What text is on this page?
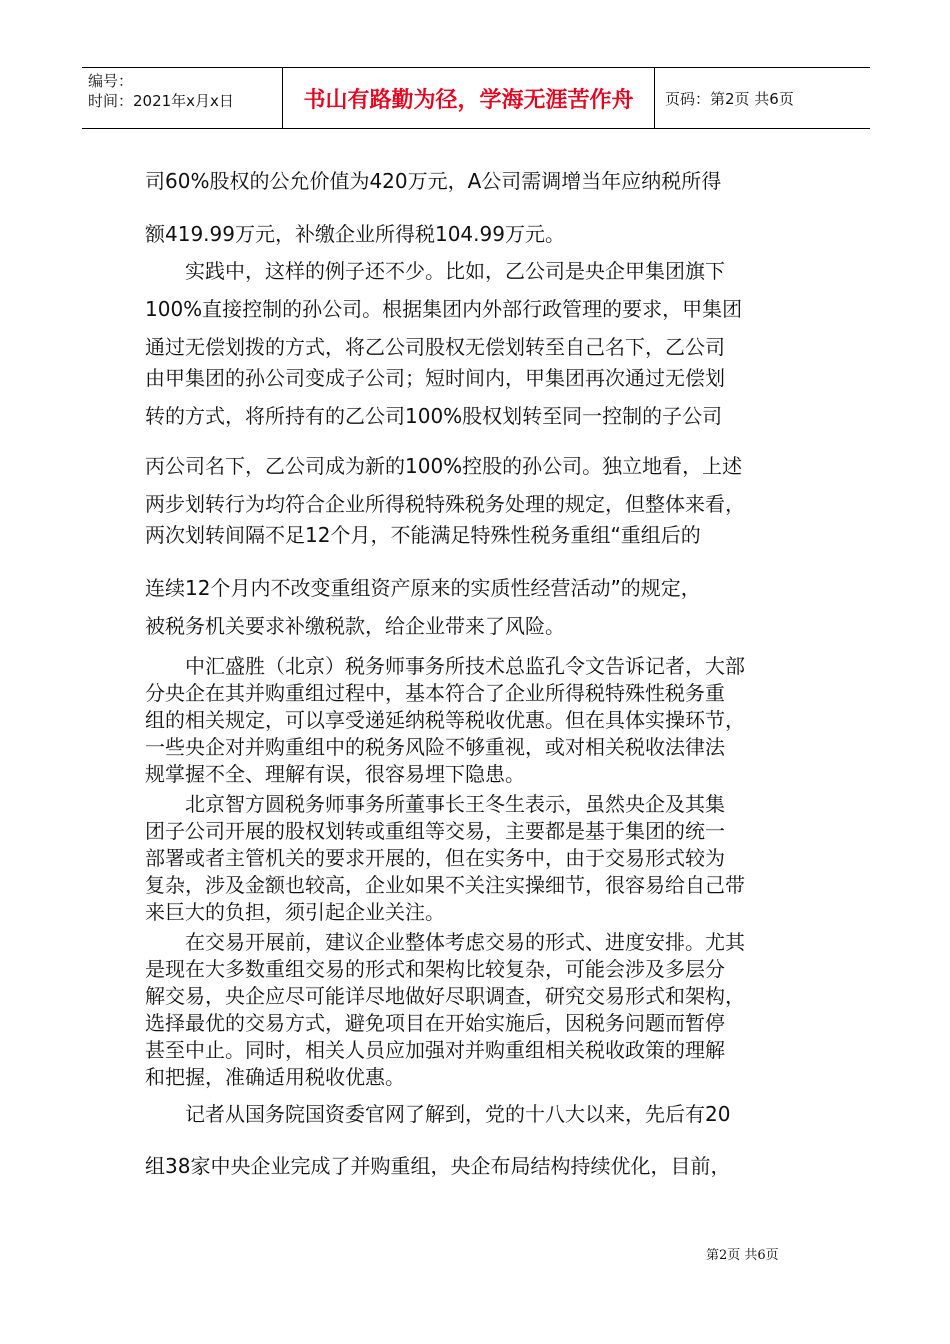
编号：
时间：2021年x月x日	书山有路勤为径，学海无涯苦作舟	页码：第2页 共6页
司60%股权的公允价值为420万元，A公司需调增当年应纳税所得
额419.99万元，补缴企业所得税104.99万元。
实践中，这样的例子还不少。比如，乙公司是央企甲集团旗下
100%直接控制的孙公司。根据集团内外部行政管理的要求，甲集团
通过无偿划拨的方式，将乙公司股权无偿划转至自己名下，乙公司
由甲集团的孙公司变成子公司；短时间内，甲集团再次通过无偿划
转的方式，将所持有的乙公司100%股权划转至同一控制的子公司
丙公司名下，乙公司成为新的100%控股的孙公司。独立地看，上述
两步划转行为均符合企业所得税特殊税务处理的规定，但整体来看，
两次划转间隔不足12个月，不能满足特殊性税务重组“重组后的
连续12个月内不改变重组资产原来的实质性经营活动”的规定，
被税务机关要求补缴税款，给企业带来了风险。
中汇盛胜（北京）税务师事务所技术总监孔令文告诉记者，大部
分央企在其并购重组过程中，基本符合了企业所得税特殊性税务重
组的相关规定，可以享受递延纳税等税收优惠。但在具体实操环节，
一些央企对并购重组中的税务风险不够重视，或对相关税收法律法
规掌握不全、理解有误，很容易埋下隐患。
北京智方圆税务师事务所董事长王冬生表示，虽然央企及其集
团子公司开展的股权划转或重组等交易，主要都是基于集团的统一
部署或者主管机关的要求开展的，但在实务中，由于交易形式较为
复杂，涉及金额也较高，企业如果不关注实操细节，很容易给自己带
来巨大的负担，须引起企业关注。
在交易开展前，建议企业整体考虑交易的形式、进度安排。尤其
是现在大多数重组交易的形式和架构比较复杂，可能会涉及多层分
解交易，央企应尽可能详尽地做好尽职调查，研究交易形式和架构，
选择最优的交易方式，避免项目在开始实施后，因税务问题而暂停
甚至中止。同时，相关人员应加强对并购重组相关税收政策的理解
和把握，准确适用税收优惠。
记者从国务院国资委官网了解到，党的十八大以来，先后有20
组38家中央企业完成了并购重组，央企布局结构持续优化，目前，
第2页 共6页
